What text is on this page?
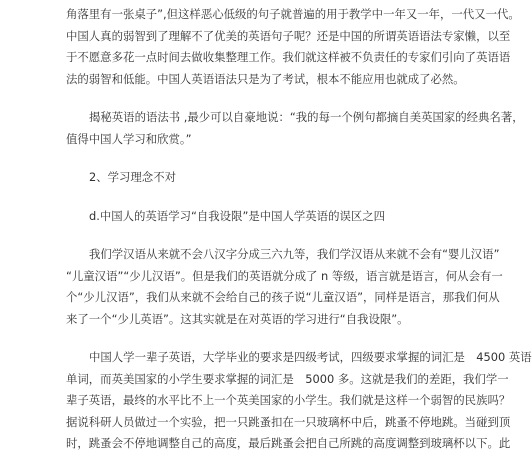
角落里有一张桌子”,但这样恶心低级的句子就普遍的用于教学中一年又一年，一代又一代。
中国人真的弱智到了理解不了优美的英语句子呢？还是中国的所谓英语语法专家懒，以至
于不愿意多花一点时间去做收集整理工作。我们就这样被不负责任的专家们引向了英语语
法的弱智和低能。中国人英语语法只是为了考试，根本不能应用也就成了必然。

揭秘英语的语法书 ,最少可以自豪地说：“我的每一个例句都摘自美英国家的经典名著，
值得中国人学习和欣赏。”

2、学习理念不对

d.中国人的英语学习“自我设限”是中国人学英语的误区之四

我们学汉语从来就不会八汉字分成三六九等，我们学汉语从来就不会有“婴儿汉语”
“儿童汉语”“少儿汉语”。但是我们的英语就分成了 n 等级，语言就是语言，何从会有一
个“少儿汉语”，我们从来就不会给自己的孩子说“儿童汉语”，同样是语言，那我们何从
来了一个“少儿英语”。这其实就是在对英语的学习进行“自我设限”。

中国人学一辈子英语，大学毕业的要求是四级考试，四级要求掌握的词汇是　4500 英语
单词，而英美国家的小学生要求掌握的词汇是　5000 多。这就是我们的差距，我们学一
辈子英语，最终的水平比不上一个英美国家的小学生。我们就是这样一个弱智的民族吗？
据说科研人员做过一个实验，把一只跳蚤扣在一只玻璃杯中后，跳蚤不停地跳。当碰到顶
时，跳蚤会不停地调整自己的高度，最后跳蚤会把自己所跳的高度调整到玻璃杯以下。此
